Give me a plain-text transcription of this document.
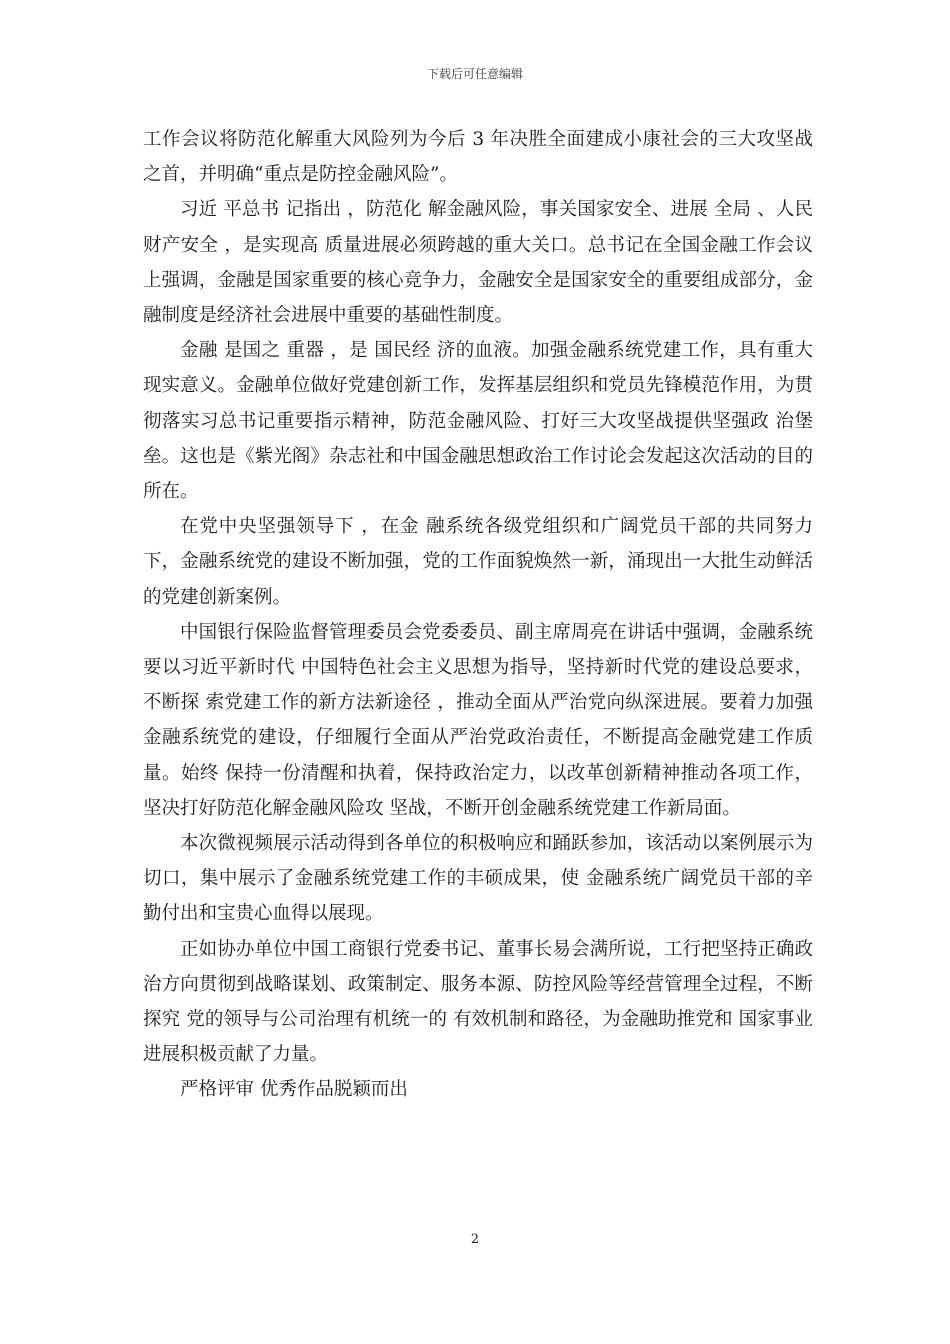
下载后可任意编辑

工作会议将防范化解重大风险列为今后 3 年决胜全面建成小康社会的三大攻坚战之首，并明确“重点是防控金融风险”。

习近 平总书 记指出 ，防范化 解金融风险，事关国家安全、进展 全局 、人民财产安全 ，是实现高 质量进展必须跨越的重大关口。总书记在全国金融工作会议上强调，金融是国家重要的核心竞争力，金融安全是国家安全的重要组成部分，金融制度是经济社会进展中重要的基础性制度。

金融 是国之 重器 ，是 国民经 济的血液。加强金融系统党建工作，具有重大现实意义。金融单位做好党建创新工作，发挥基层组织和党员先锋模范作用，为贯彻落实习总书记重要指示精神，防范金融风险、打好三大攻坚战提供坚强政 治堡垒。这也是《紫光阁》杂志社和中国金融思想政治工作讨论会发起这次活动的目的所在。

在党中央坚强领导下 ，在金 融系统各级党组织和广阔党员干部的共同努力下，金融系统党的建设不断加强，党的工作面貌焕然一新，涌现出一大批生动鲜活的党建创新案例。

中国银行保险监督管理委员会党委委员、副主席周亮在讲话中强调，金融系统要以习近平新时代 中国特色社会主义思想为指导，坚持新时代党的建设总要求，不断探 索党建工作的新方法新途径 ，推动全面从严治党向纵深进展。要着力加强金融系统党的建设，仔细履行全面从严治党政治责任，不断提高金融党建工作质量。始终 保持一份清醒和执着，保持政治定力，以改革创新精神推动各项工作，坚决打好防范化解金融风险攻 坚战，不断开创金融系统党建工作新局面。

本次微视频展示活动得到各单位的积极响应和踊跃参加，该活动以案例展示为切口，集中展示了金融系统党建工作的丰硕成果，使 金融系统广阔党员干部的辛勤付出和宝贵心血得以展现。

正如协办单位中国工商银行党委书记、董事长易会满所说，工行把坚持正确政治方向贯彻到战略谋划、政策制定、服务本源、防控风险等经营管理全过程，不断探究 党的领导与公司治理有机统一的 有效机制和路径，为金融助推党和 国家事业进展积极贡献了力量。

严格评审 优秀作品脱颖而出

2
